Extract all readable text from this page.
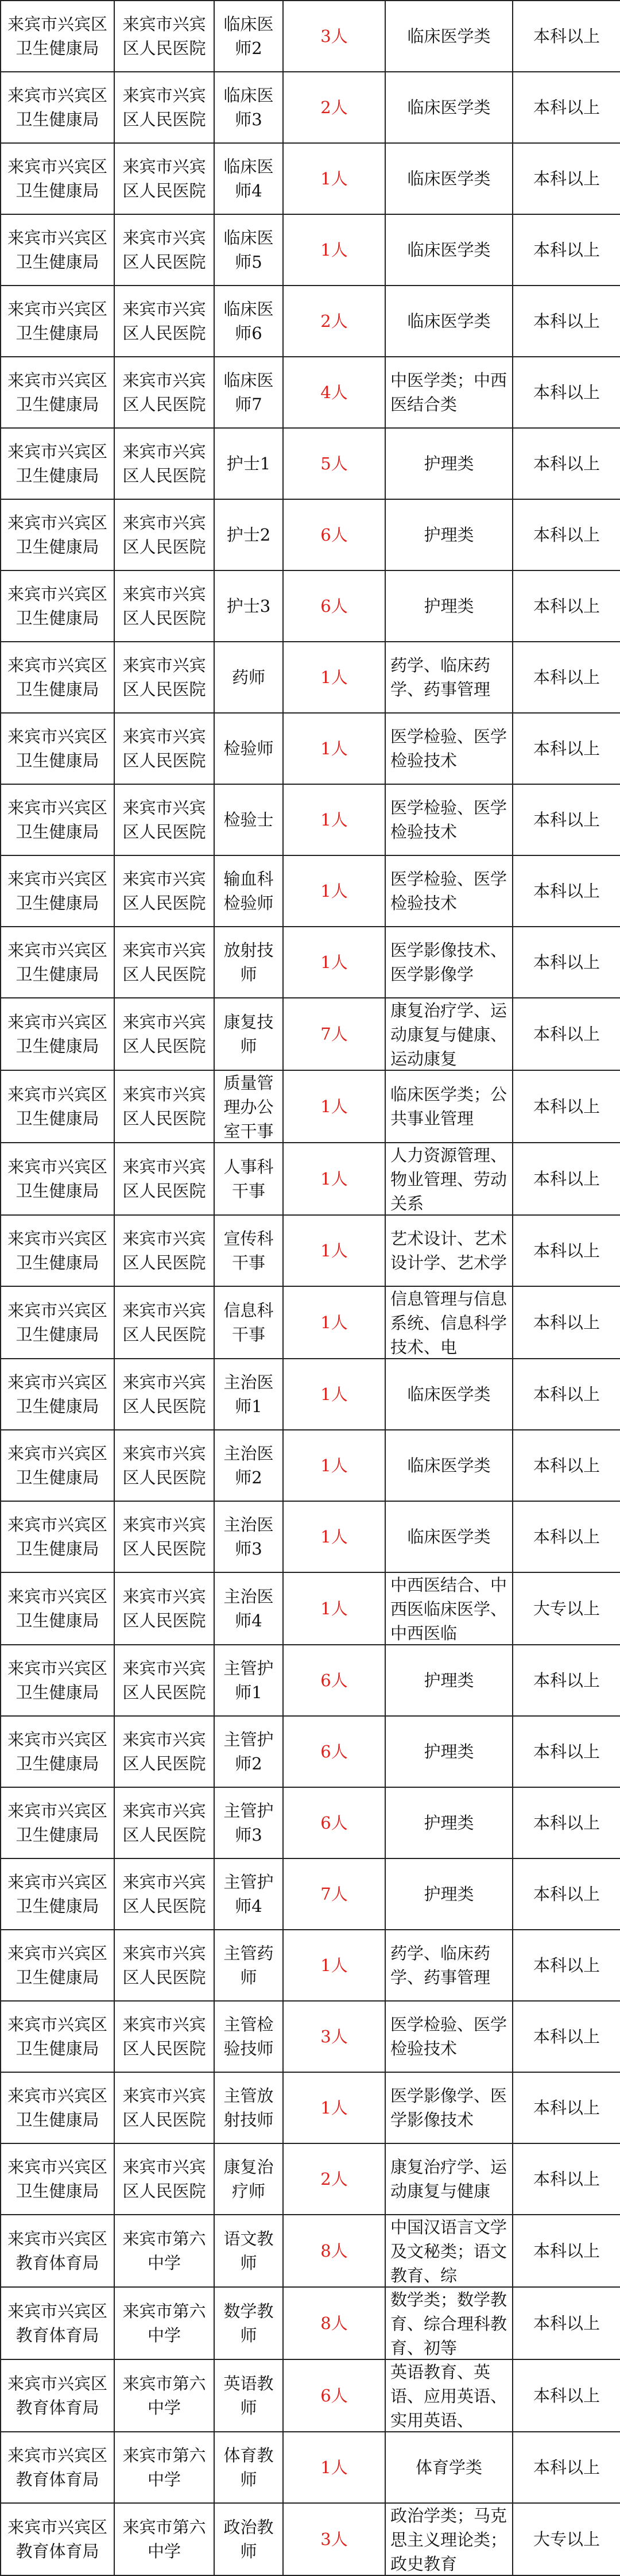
来宾市兴宾区卫生健康局	来宾市兴宾区人民医院	临床医师2	3人	临床医学类	本科以上

来宾市兴宾区卫生健康局	来宾市兴宾区人民医院	临床医师3	2人	临床医学类	本科以上

来宾市兴宾区卫生健康局	来宾市兴宾区人民医院	临床医师4	1人	临床医学类	本科以上

来宾市兴宾区卫生健康局	来宾市兴宾区人民医院	临床医师5	1人	临床医学类	本科以上

来宾市兴宾区卫生健康局	来宾市兴宾区人民医院	临床医师6	2人	临床医学类	本科以上

来宾市兴宾区卫生健康局	来宾市兴宾区人民医院	临床医师7	4人	中医学类；中西医结合类	本科以上

来宾市兴宾区卫生健康局	来宾市兴宾区人民医院	护士1	5人	护理类	本科以上

来宾市兴宾区卫生健康局	来宾市兴宾区人民医院	护士2	6人	护理类	本科以上

来宾市兴宾区卫生健康局	来宾市兴宾区人民医院	护士3	6人	护理类	本科以上

来宾市兴宾区卫生健康局	来宾市兴宾区人民医院	药师	1人	药学、临床药学、药事管理	本科以上

来宾市兴宾区卫生健康局	来宾市兴宾区人民医院	检验师	1人	医学检验、医学检验技术	本科以上

来宾市兴宾区卫生健康局	来宾市兴宾区人民医院	检验士	1人	医学检验、医学检验技术	本科以上

来宾市兴宾区卫生健康局	来宾市兴宾区人民医院	输血科检验师	1人	医学检验、医学检验技术	本科以上

来宾市兴宾区卫生健康局	来宾市兴宾区人民医院	放射技师	1人	医学影像技术、医学影像学	本科以上

来宾市兴宾区卫生健康局	来宾市兴宾区人民医院	康复技师	7人	康复治疗学、运动康复与健康、运动康复	本科以上

来宾市兴宾区卫生健康局	来宾市兴宾区人民医院	质量管理办公室干事	1人	临床医学类；公共事业管理	本科以上

来宾市兴宾区卫生健康局	来宾市兴宾区人民医院	人事科干事	1人	人力资源管理、物业管理、劳动关系	本科以上

来宾市兴宾区卫生健康局	来宾市兴宾区人民医院	宣传科干事	1人	艺术设计、艺术设计学、艺术学	本科以上

来宾市兴宾区卫生健康局	来宾市兴宾区人民医院	信息科干事	1人	信息管理与信息系统、信息科学技术、电	本科以上

来宾市兴宾区卫生健康局	来宾市兴宾区人民医院	主治医师1	1人	临床医学类	本科以上

来宾市兴宾区卫生健康局	来宾市兴宾区人民医院	主治医师2	1人	临床医学类	本科以上

来宾市兴宾区卫生健康局	来宾市兴宾区人民医院	主治医师3	1人	临床医学类	本科以上

来宾市兴宾区卫生健康局	来宾市兴宾区人民医院	主治医师4	1人	中西医结合、中西医临床医学、中西医临	大专以上

来宾市兴宾区卫生健康局	来宾市兴宾区人民医院	主管护师1	6人	护理类	本科以上

来宾市兴宾区卫生健康局	来宾市兴宾区人民医院	主管护师2	6人	护理类	本科以上

来宾市兴宾区卫生健康局	来宾市兴宾区人民医院	主管护师3	6人	护理类	本科以上

来宾市兴宾区卫生健康局	来宾市兴宾区人民医院	主管护师4	7人	护理类	本科以上

来宾市兴宾区卫生健康局	来宾市兴宾区人民医院	主管药师	1人	药学、临床药学、药事管理	本科以上

来宾市兴宾区卫生健康局	来宾市兴宾区人民医院	主管检验技师	3人	医学检验、医学检验技术	本科以上

来宾市兴宾区卫生健康局	来宾市兴宾区人民医院	主管放射技师	1人	医学影像学、医学影像技术	本科以上

来宾市兴宾区卫生健康局	来宾市兴宾区人民医院	康复治疗师	2人	康复治疗学、运动康复与健康	本科以上

来宾市兴宾区教育体育局	来宾市第六中学	语文教师	8人	中国汉语言文学及文秘类；语文教育、综	本科以上

来宾市兴宾区教育体育局	来宾市第六中学	数学教师	8人	数学类；数学教育、综合理科教育、初等	本科以上

来宾市兴宾区教育体育局	来宾市第六中学	英语教师	6人	英语教育、英语、应用英语、实用英语、	本科以上

来宾市兴宾区教育体育局	来宾市第六中学	体育教师	1人	体育学类	本科以上

来宾市兴宾区教育体育局	来宾市第六中学	政治教师	3人	政治学类；马克思主义理论类；政史教育	大专以上
